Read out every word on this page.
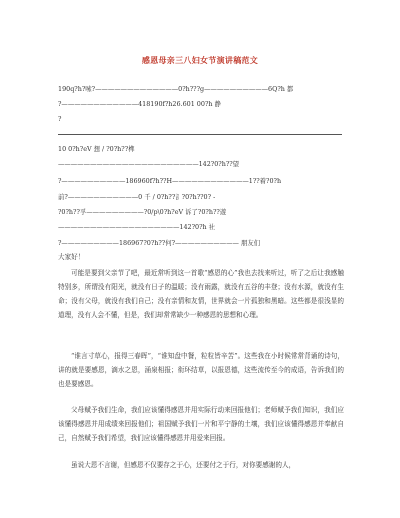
感恩母亲三八妇女节演讲稿范文
190q?h?嗦?—————————————0?h???g——————————6Q?h 都
?————————————418190f?h26.601 00?h 静
?
10 0?h?eV 想 / ?0?h??榫
——————————————————————142?0?h??望
?——————————186960f?h??H————————————1??着?0?h
前?———————————0 千 / 0?h??訁?0?h??0? -
?0?h??孚—————————?0/p\0?h?eV 诉了?0?h??遊
———————————————————142?0?h 社
?—————————186967?0?h??何?—————————— 朋友们
大家好！
可能是要到父亲节了吧，最近常听到这一首歌“感恩的心”我也去找来听过，听了之后让我感触特别多，所谓没有阳光，就没有日子的温暖；没有雨露，就没有五谷的丰登；没有水源，就没有生命；没有父母，就没有我们自己；没有亲情和友情，世界就会一片孤独和黑暗。这些都是很浅显的道理，没有人会不懂，但是，我们却常常缺少一种感恩的思想和心理。
“谁言寸草心，报得三春晖”，“谁知盘中餐，粒粒皆辛苦”。这些我在小时候常常背诵的诗句，讲的就是要感恩，滴水之恩，涌泉相报；衔环结草，以报恩德，这些流传至今的成语，告诉我们的也是要感恩。
父母赋予我们生命，我们应该懂得感恩并用实际行动来回报他们；老师赋予我们知识，我们应该懂得感恩并用成绩来回报他们；祖国赋予我们一片和平宁静的土壤，我们应该懂得感恩并奉献自己，自然赋予我们希望，我们应该懂得感恩并用爱来回报。
虽说大恩不言谢，但感恩不仅要存之于心，还要付之于行，对你要感谢的人，
